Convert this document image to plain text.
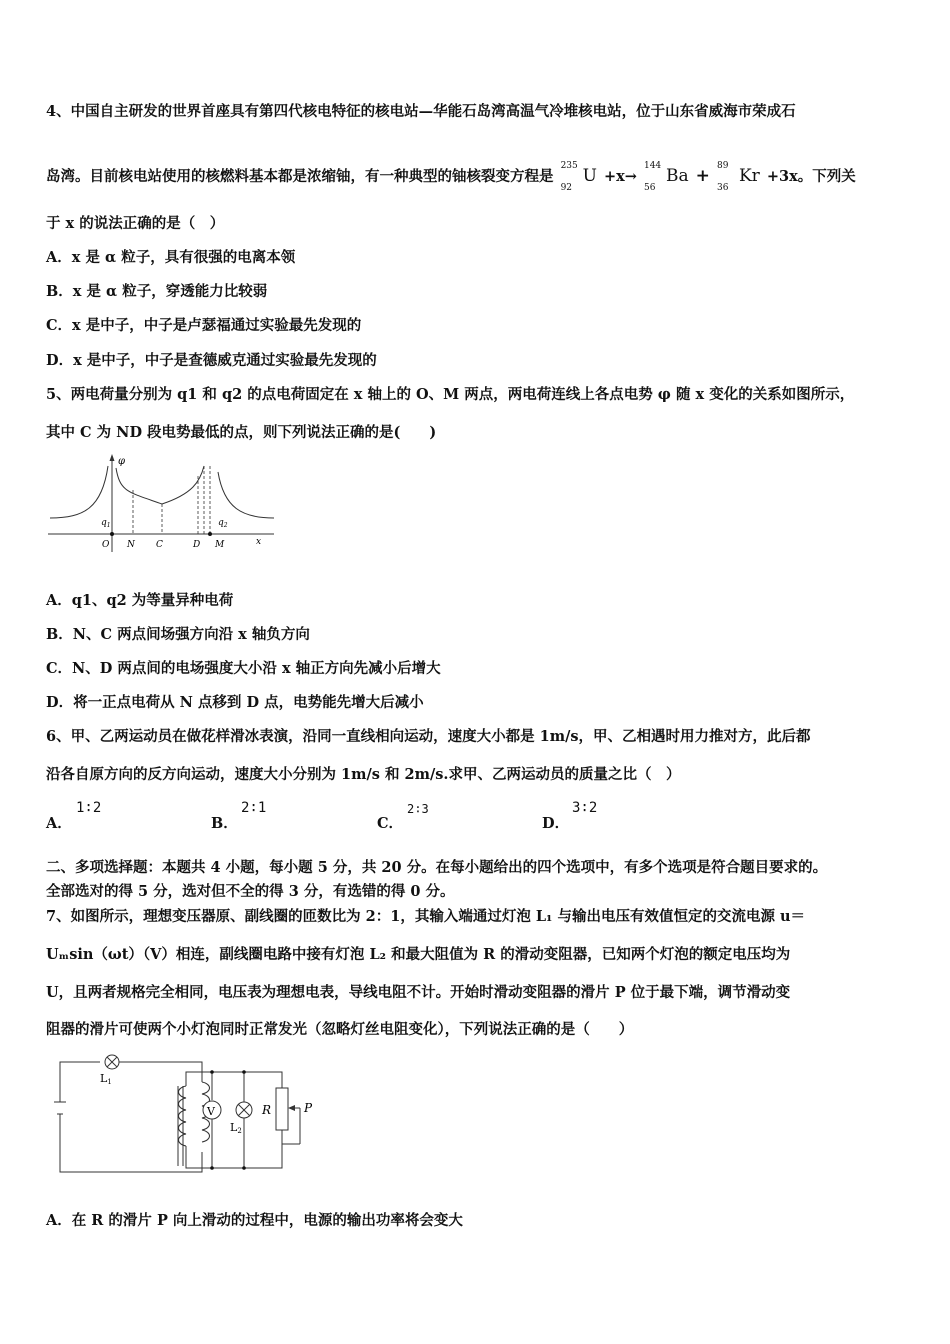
4、中国自主研发的世界首座具有第四代核电特征的核电站—华能石岛湾高温气冷堆核电站，位于山东省威海市荣成石
岛湾。目前核电站使用的核燃料基本都是浓缩铀，有一种典型的铀核裂变方程是
235
92
U +x→
144
56
Ba + 89
36
Kr +3x。下列关
于 x 的说法正确的是（　）
A．x 是 α 粒子，具有很强的电离本领
B．x 是 α 粒子，穿透能力比较弱
C．x 是中子，中子是卢瑟福通过实验最先发现的
D．x 是中子，中子是查德威克通过实验最先发现的
5、两电荷量分别为 q1 和 q2 的点电荷固定在 x 轴上的 O、M 两点，两电荷连线上各点电势 φ 随 x 变化的关系如图所示，
其中 C 为 ND 段电势最低的点，则下列说法正确的是(　　)
φ
x
$q_1$	$q_2$
O N C	D M
A．q1、q2 为等量异种电荷
B．N、C 两点间场强方向沿 x 轴负方向
C．N、D 两点间的电场强度大小沿 x 轴正方向先减小后增大
D．将一正点电荷从 N 点移到 D 点，电势能先增大后减小
6、甲、乙两运动员在做花样滑冰表演，沿同一直线相向运动，速度大小都是 1m/s，甲、乙相遇时用力推对方，此后都
沿各自原方向的反方向运动，速度大小分别为 1m/s 和 2m/s.求甲、乙两运动员的质量之比（　）
A．
1∶2
B．
2∶1
C．
2∶3
D．
3∶2
二、多项选择题：本题共 4 小题，每小题 5 分，共 20 分。在每小题给出的四个选项中，有多个选项是符合题目要求的。
全部选对的得 5 分，选对但不全的得 3 分，有选错的得 0 分。
7、如图所示，理想变压器原、副线圈的匝数比为 2：1，其输入端通过灯泡 L₁ 与输出电压有效值恒定的交流电源 u＝
Uₘsin（ωt）（V）相连，副线圈电路中接有灯泡 L₂ 和最大阻值为 R 的滑动变阻器，已知两个灯泡的额定电压均为
U，且两者规格完全相同，电压表为理想电表，导线电阻不计。开始时滑动变阻器的滑片 P 位于最下端，调节滑动变
阻器的滑片可使两个小灯泡同时正常发光（忽略灯丝电阻变化），下列说法正确的是（　　）
V
L1
L2
R	P
A．在 R 的滑片 P 向上滑动的过程中，电源的输出功率将会变大
